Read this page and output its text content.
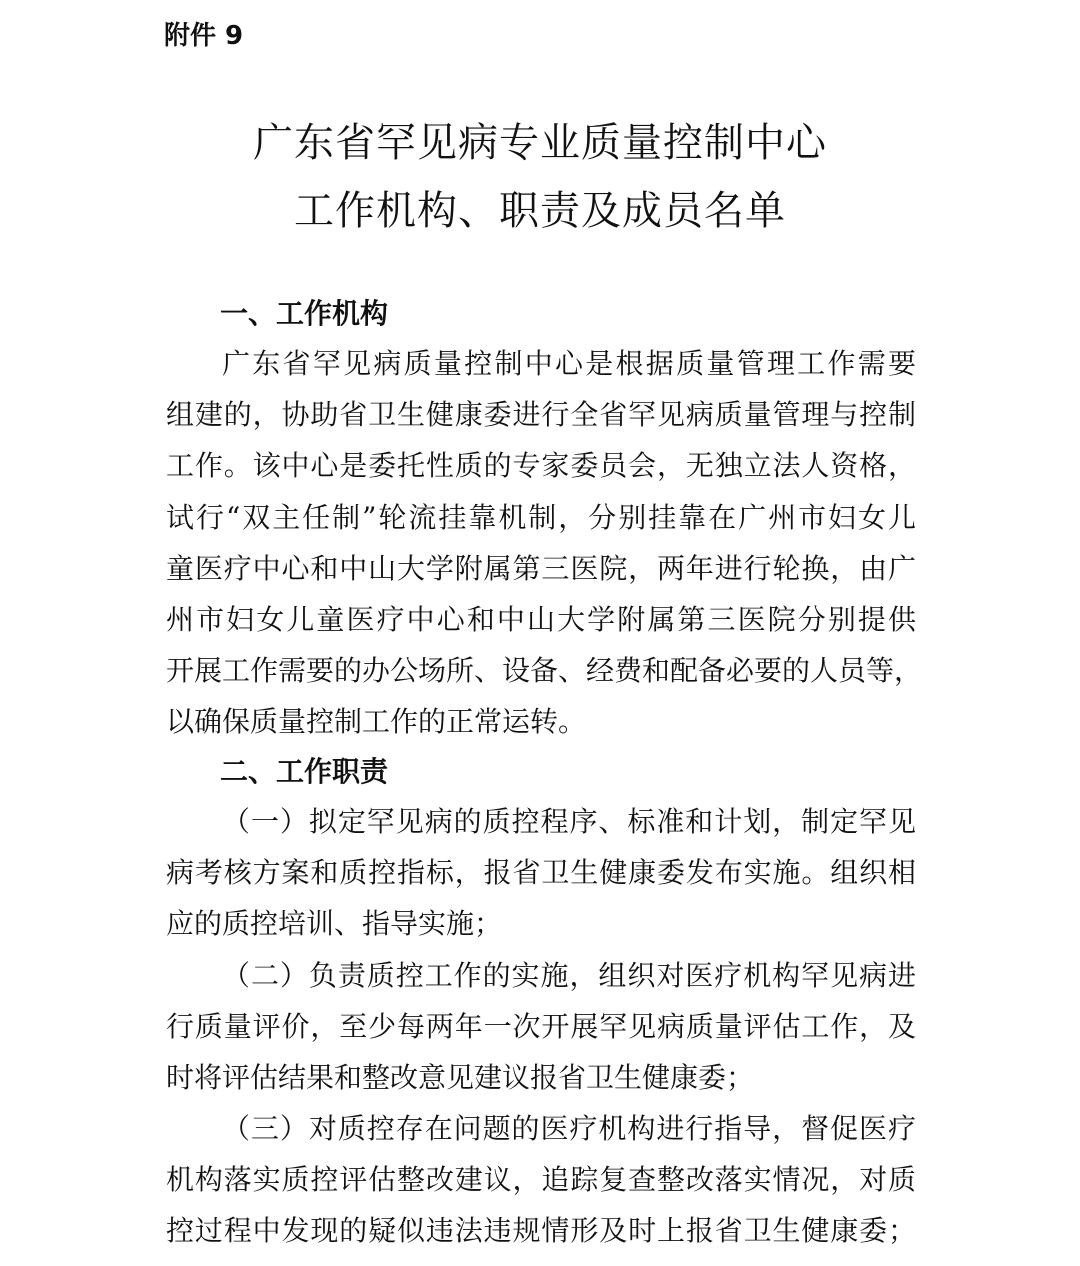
附件 9

广东省罕见病专业质量控制中心
工作机构、职责及成员名单
一、工作机构
广东省罕见病质量控制中心是根据质量管理工作需要
组建的，协助省卫生健康委进行全省罕见病质量管理与控制
工作。该中心是委托性质的专家委员会，无独立法人资格，
试行“双主任制”轮流挂靠机制，分别挂靠在广州市妇女儿
童医疗中心和中山大学附属第三医院，两年进行轮换，由广
州市妇女儿童医疗中心和中山大学附属第三医院分别提供
开展工作需要的办公场所、设备、经费和配备必要的人员等，
以确保质量控制工作的正常运转。
二、工作职责
（一）拟定罕见病的质控程序、标准和计划，制定罕见
病考核方案和质控指标，报省卫生健康委发布实施。组织相
应的质控培训、指导实施；
（二）负责质控工作的实施，组织对医疗机构罕见病进
行质量评价，至少每两年一次开展罕见病质量评估工作，及
时将评估结果和整改意见建议报省卫生健康委；
（三）对质控存在问题的医疗机构进行指导，督促医疗
机构落实质控评估整改建议，追踪复查整改落实情况，对质
控过程中发现的疑似违法违规情形及时上报省卫生健康委；
